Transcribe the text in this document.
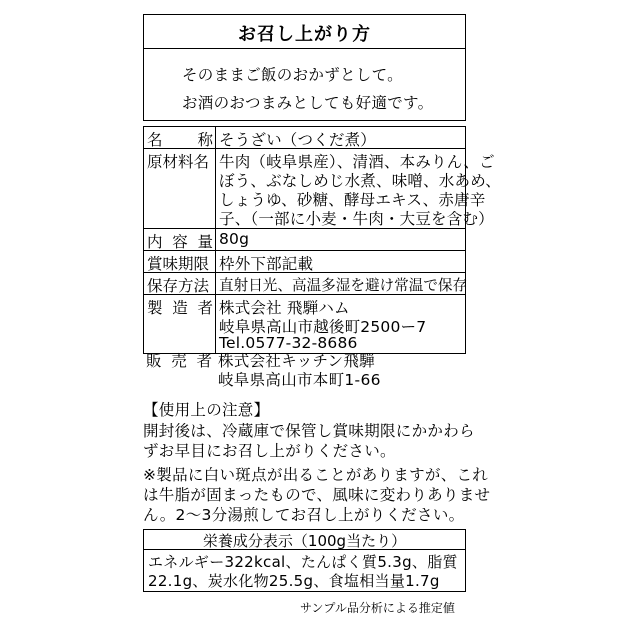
お召し上がり方
そのままご飯のおかずとして。
お酒のおつまみとしても好適です。
名 称 そうざい（つくだ煮）
原材料名 牛肉（岐阜県産）、清酒、本みりん、ご
ぼう、ぶなしめじ水煮、味噌、水あめ、
しょうゆ、砂糖、酵母エキス、赤唐辛
子、（一部に小麦・牛肉・大豆を含む）
内 容 量 80g
賞味期限 枠外下部記載
保存方法 直射日光、高温多湿を避け常温で保存
製 造 者 株式会社 飛騨ハム
岐阜県高山市越後町2500ー7
Tel.0577-32-8686
販 売 者 株式会社キッチン飛騨
岐阜県高山市本町1-66
【使用上の注意】
開封後は、冷蔵庫で保管し賞味期限にかかわら
ずお早目にお召し上がりください。
※製品に白い斑点が出ることがありますが、これ
は牛脂が固まったもので、風味に変わりありませ
ん。2～3分湯煎してお召し上がりください。
栄養成分表示（100g当たり）
エネルギー322kcal、たんぱく質5.3g、脂質
22.1g、炭水化物25.5g、食塩相当量1.7g
サンプル品分析による推定値
